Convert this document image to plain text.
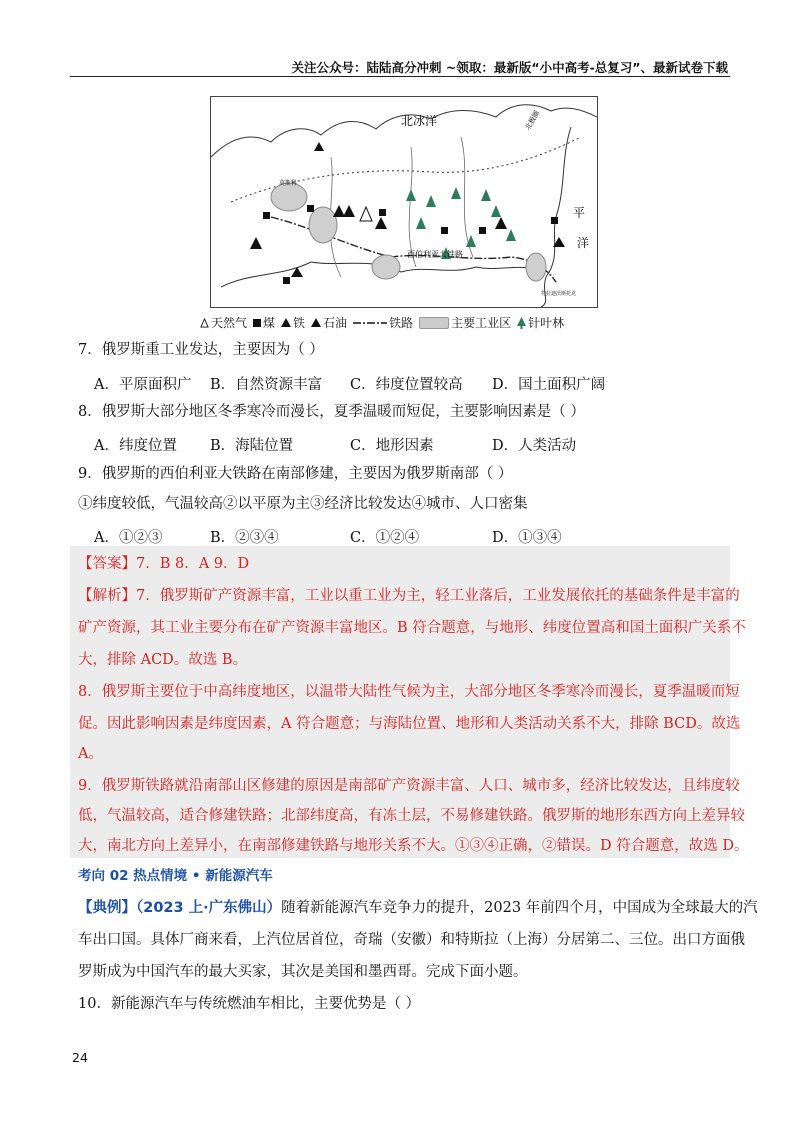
关注公众号：陆陆高分冲刺 ~领取：最新版“小中高考-总复习”、最新试卷下载
北冰洋
平
洋
北极圈
西伯利亚大铁路
莫斯科
符拉迪沃斯托克
天然气 煤 铁 石油	铁路	主要工业区 针叶林
7．俄罗斯重工业发达，主要因为（ ）
A．平原面积广 B．自然资源丰富 C．纬度位置较高 D．国土面积广阔
8．俄罗斯大部分地区冬季寒冷而漫长，夏季温暖而短促，主要影响因素是（ ）
A．纬度位置 B．海陆位置	C．地形因素	D．人类活动
9．俄罗斯的西伯利亚大铁路在南部修建，主要因为俄罗斯南部（ ）
①纬度较低，气温较高②以平原为主③经济比较发达④城市、人口密集
A．①②③	B．②③④	C．①②④	D．①③④
【答案】7．B 8．A 9．D
【解析】7．俄罗斯矿产资源丰富，工业以重工业为主，轻工业落后，工业发展依托的基础条件是丰富的
矿产资源，其工业主要分布在矿产资源丰富地区。B 符合题意，与地形、纬度位置高和国土面积广关系不
大，排除 ACD。故选 B。
8．俄罗斯主要位于中高纬度地区，以温带大陆性气候为主，大部分地区冬季寒冷而漫长，夏季温暖而短
促。因此影响因素是纬度因素，A 符合题意；与海陆位置、地形和人类活动关系不大，排除 BCD。故选
A。
9．俄罗斯铁路就沿南部山区修建的原因是南部矿产资源丰富、人口、城市多，经济比较发达，且纬度较
低，气温较高，适合修建铁路；北部纬度高，有冻土层，不易修建铁路。俄罗斯的地形东西方向上差异较
大，南北方向上差异小，在南部修建铁路与地形关系不大。①③④正确，②错误。D 符合题意，故选 D。
考向 02 热点情境 • 新能源汽车
【典例】（2023 上·广东佛山）随着新能源汽车竞争力的提升，2023 年前四个月，中国成为全球最大的汽
车出口国。具体厂商来看，上汽位居首位，奇瑞（安徽）和特斯拉（上海）分居第二、三位。出口方面俄
罗斯成为中国汽车的最大买家，其次是美国和墨西哥。完成下面小题。
10．新能源汽车与传统燃油车相比，主要优势是（ ）
24
